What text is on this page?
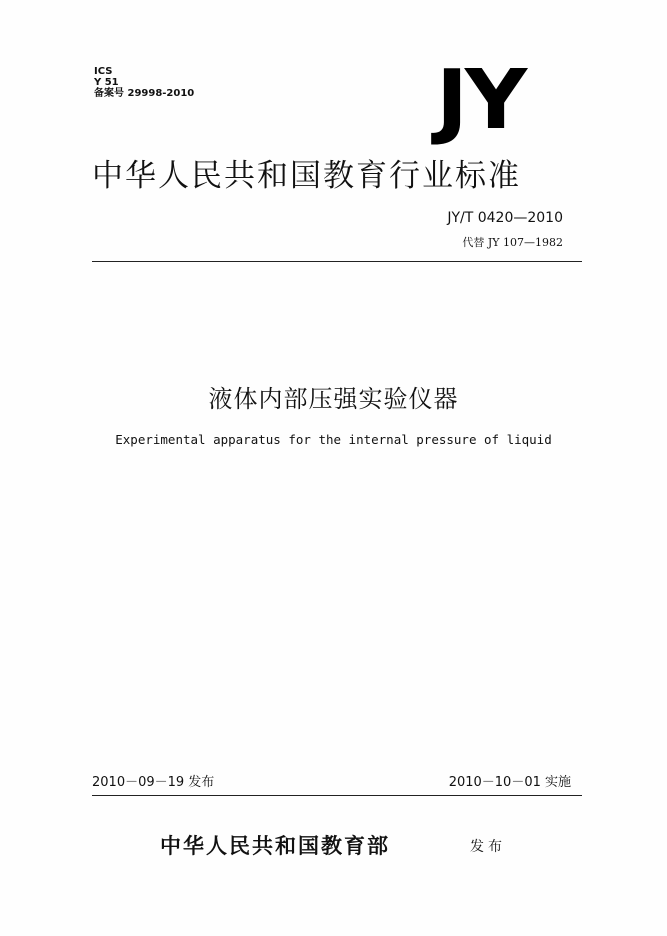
ICS
Y 51
备案号 29998-2010	JY
中华人民共和国教育行业标准
JY/T 0420—2010
代替 JY 107—1982
液体内部压强实验仪器
Experimental apparatus for the internal pressure of liquid
2010－09－19 发布	2010－10－01 实施
中华人民共和国教育部	发布
